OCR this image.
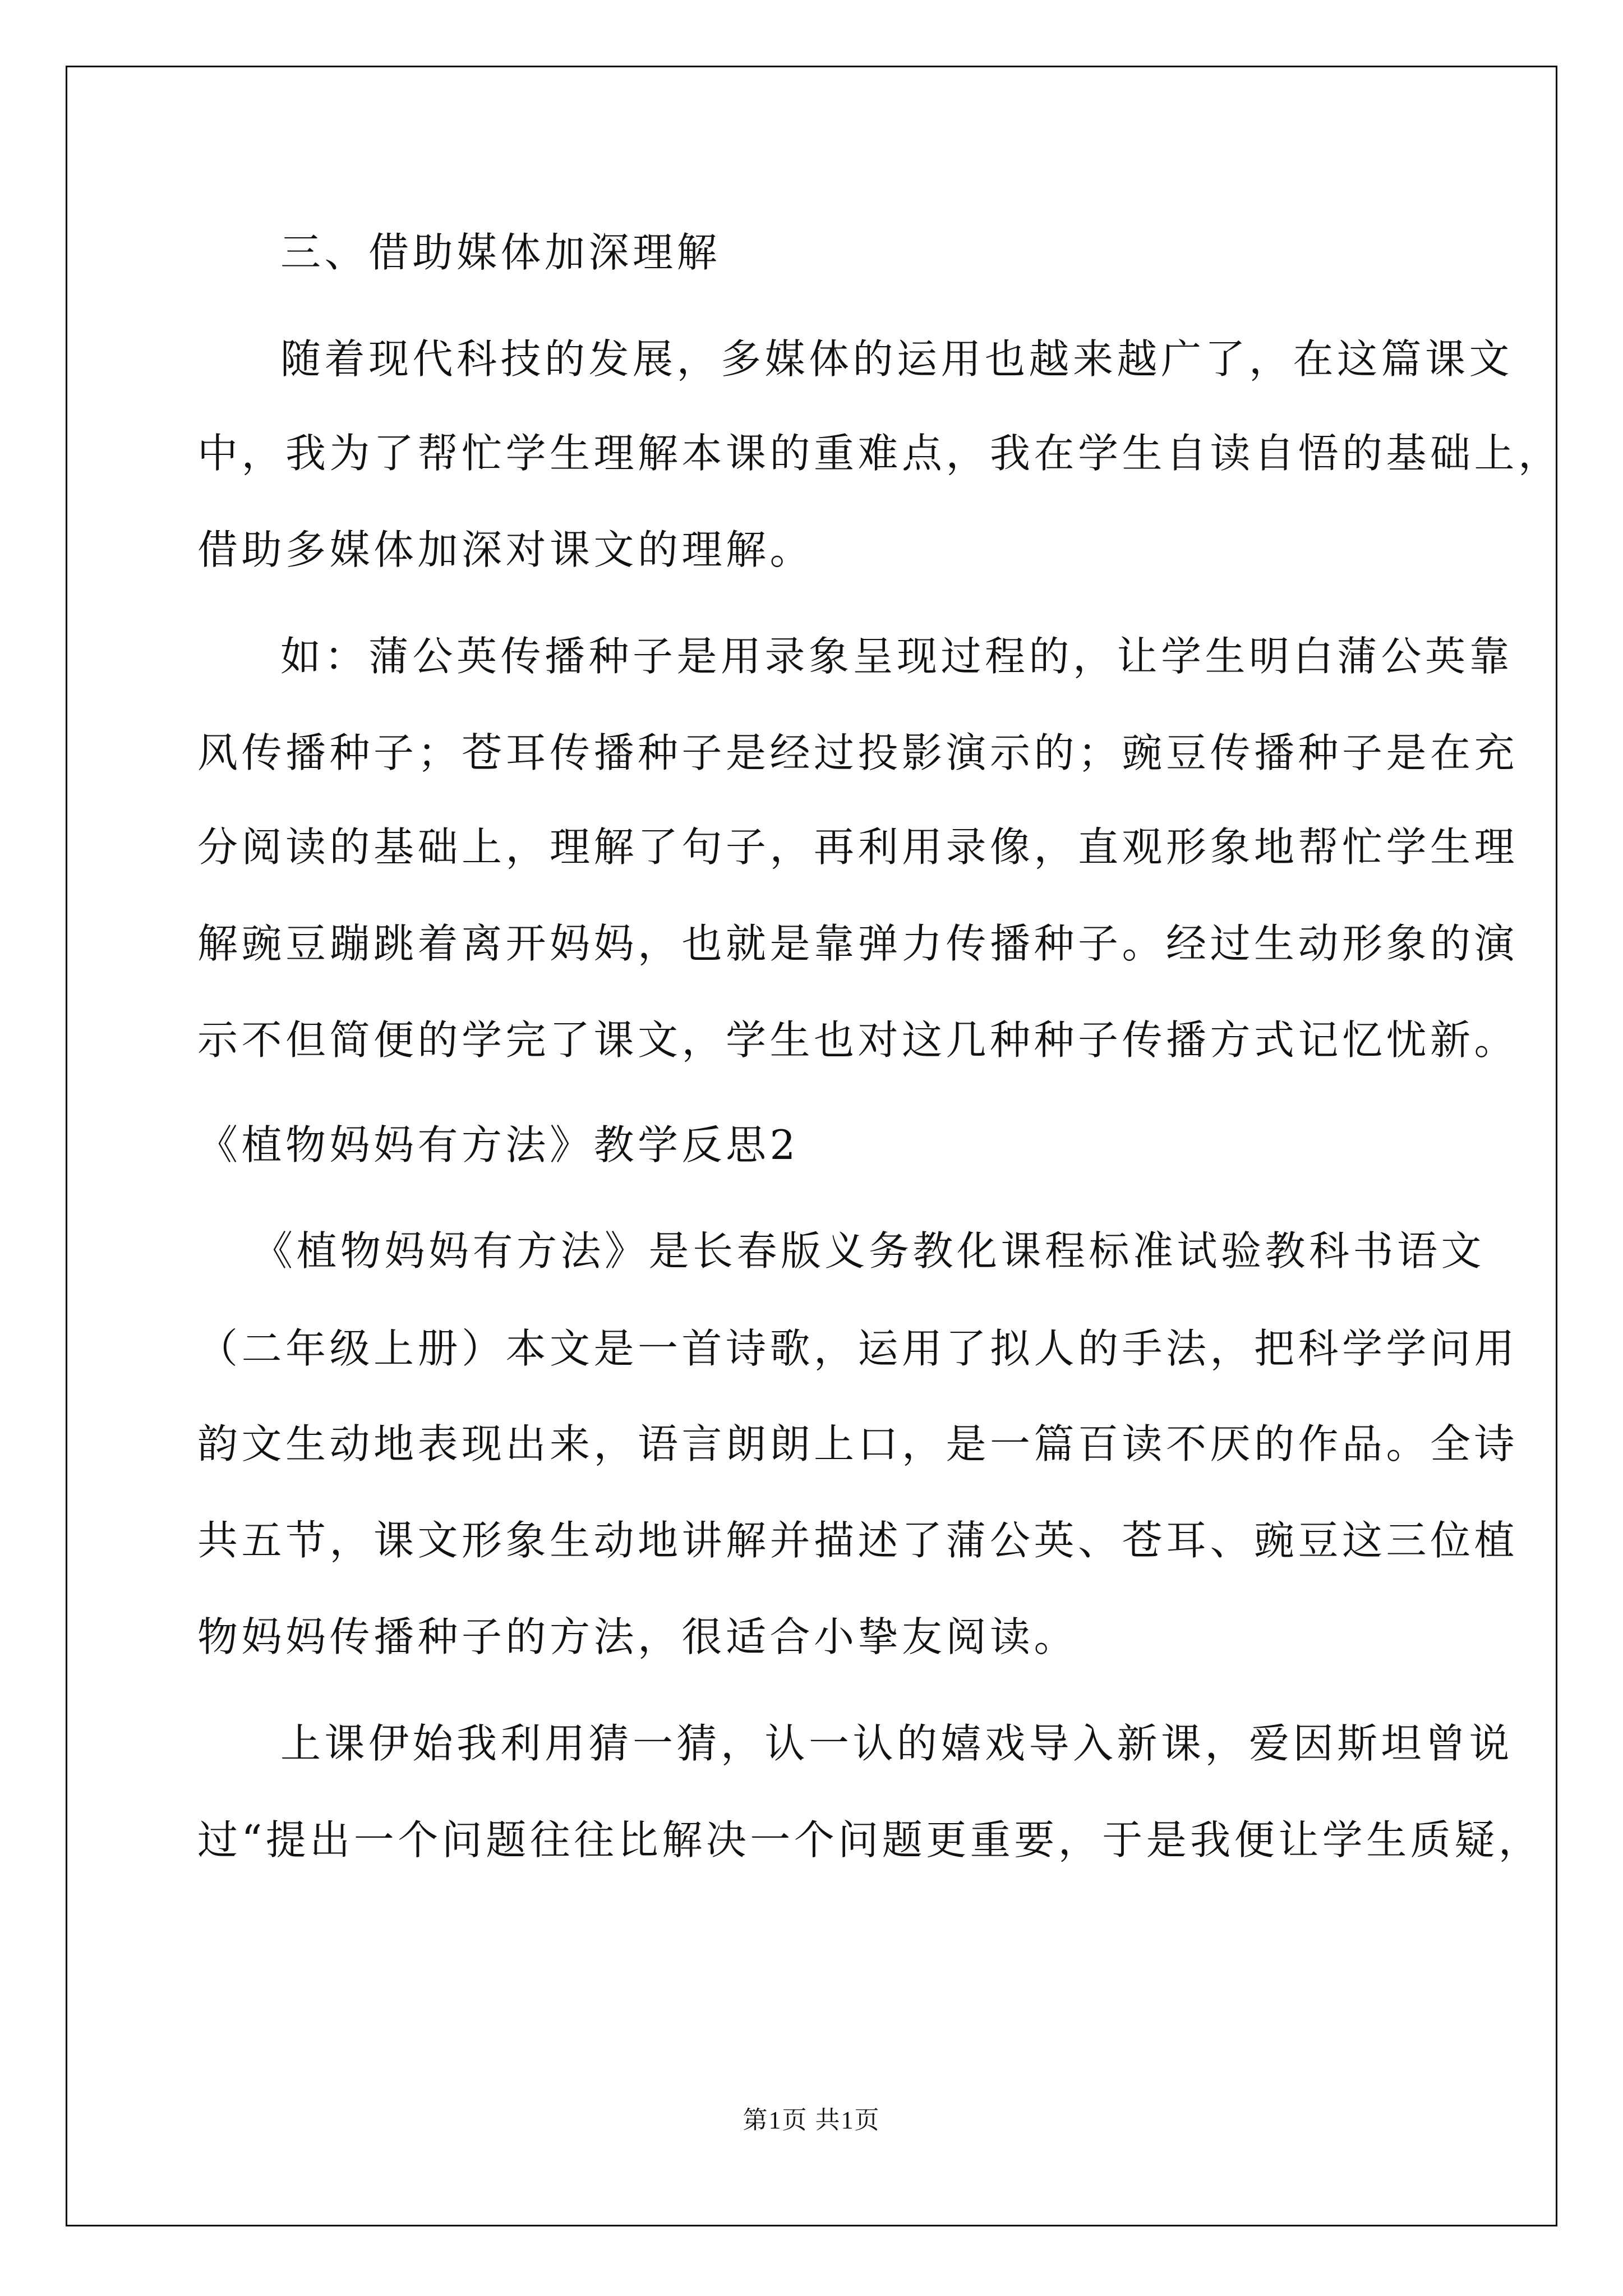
三、借助媒体加深理解
随着现代科技的发展，多媒体的运用也越来越广了，在这篇课文
中，我为了帮忙学生理解本课的重难点，我在学生自读自悟的基础上，
借助多媒体加深对课文的理解。
如：蒲公英传播种子是用录象呈现过程的，让学生明白蒲公英靠
风传播种子；苍耳传播种子是经过投影演示的；豌豆传播种子是在充
分阅读的基础上，理解了句子，再利用录像，直观形象地帮忙学生理
解豌豆蹦跳着离开妈妈，也就是靠弹力传播种子。经过生动形象的演
示不但简便的学完了课文，学生也对这几种种子传播方式记忆忧新。
《植物妈妈有方法》教学反思2
《植物妈妈有方法》是长春版义务教化课程标准试验教科书语文
（二年级上册）本文是一首诗歌，运用了拟人的手法，把科学学问用
韵文生动地表现出来，语言朗朗上口，是一篇百读不厌的作品。全诗
共五节，课文形象生动地讲解并描述了蒲公英、苍耳、豌豆这三位植
物妈妈传播种子的方法，很适合小挚友阅读。
上课伊始我利用猜一猜，认一认的嬉戏导入新课，爱因斯坦曾说
过“提出一个问题往往比解决一个问题更重要，于是我便让学生质疑，
第1页 共1页
